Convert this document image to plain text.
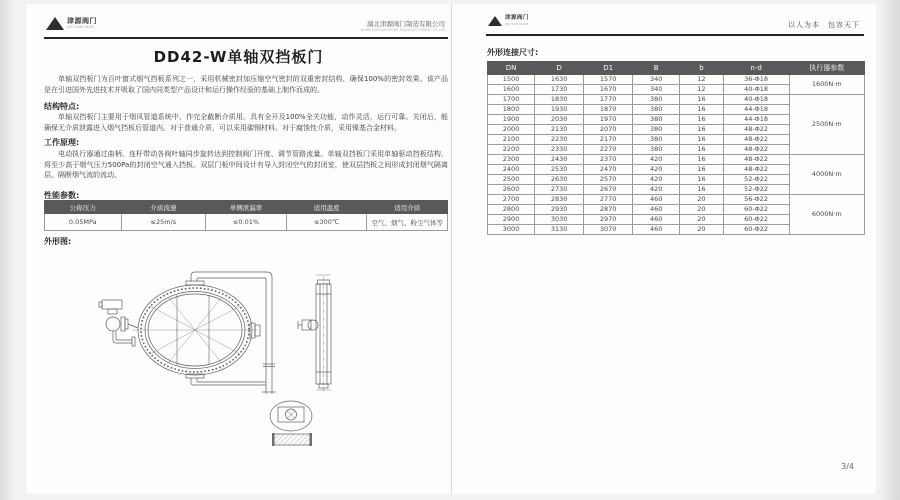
津源阀门
JIN YUAN VALVE	湖北津源阀门制造有限公司
HUBEI JINYUAN VALVE MANUFACTURING CO.,LTD
DD42-W单轴双挡板门
单轴双挡板门为百叶窗式烟气挡板系列之一，采用机械密封加压缩空气密封的双重密封结构，确保100%的密封效果。该产品是在引进国外先进技术并吸取了国内同类型产品设计和运行操作经验的基础上制作而成的。
结构特点:
单轴双挡板门主要用于烟风管道系统中，作完全截断介质用。具有全开及100%全关功能，动作灵活，运行可靠。关闭后，能确保无介质泄露进入烟气挡板后管道内。对于普通介质，可以采用碳钢材料。对于腐蚀性介质，采用镍基合金材料。
工作原理:
电动执行器通过曲柄、连杆带动各阀叶轴同步旋转达到控制阀门开度、调节管路流量。单轴双挡板门采用单轴驱动挡板结构，将至少高于烟气压力500Pa的封闭空气通入挡板。双层门板中间设计有导入封闭空气的封闭室，使双层挡板之间形成封闭烟气隔离层、隔断烟气流的流动。
性能参数:
公称压力	介质流速	单侧泄漏率	适用温度	适用介质
0.05MPa	≤25m/s	≤0.01%	≤300℃	空气、烟气、粉尘气体等
外形图:
津源阀门
JIN YUAN VALVE	以人为本　包容天下
外形连接尺寸:
DN	D	D1	B	b	n-d	执行器参数
1500	1630	1570	340	12	36-Φ18	1600N·m
1600	1730	1670	340	12	40-Φ18	
1700	1830	1770	380	16	40-Φ18	2500N·m
1800	1930	1870	380	16	44-Φ18	
1900	2030	1970	380	16	44-Φ18	
2000	2130	2070	380	16	48-Φ22	
2100	2230	2170	380	16	48-Φ22	
2200	2330	2270	380	16	48-Φ22	
2300	2430	2370	420	16	48-Φ22	4000N·m
2400	2530	2470	420	16	48-Φ22	
2500	2630	2570	420	16	52-Φ22	
2600	2730	2670	420	16	52-Φ22	
2700	2830	2770	460	20	56-Φ22	6000N·m
2800	2930	2870	460	20	60-Φ22	
2900	3030	2970	460	20	60-Φ22	
3000	3130	3070	460	20	60-Φ22	
3/4
